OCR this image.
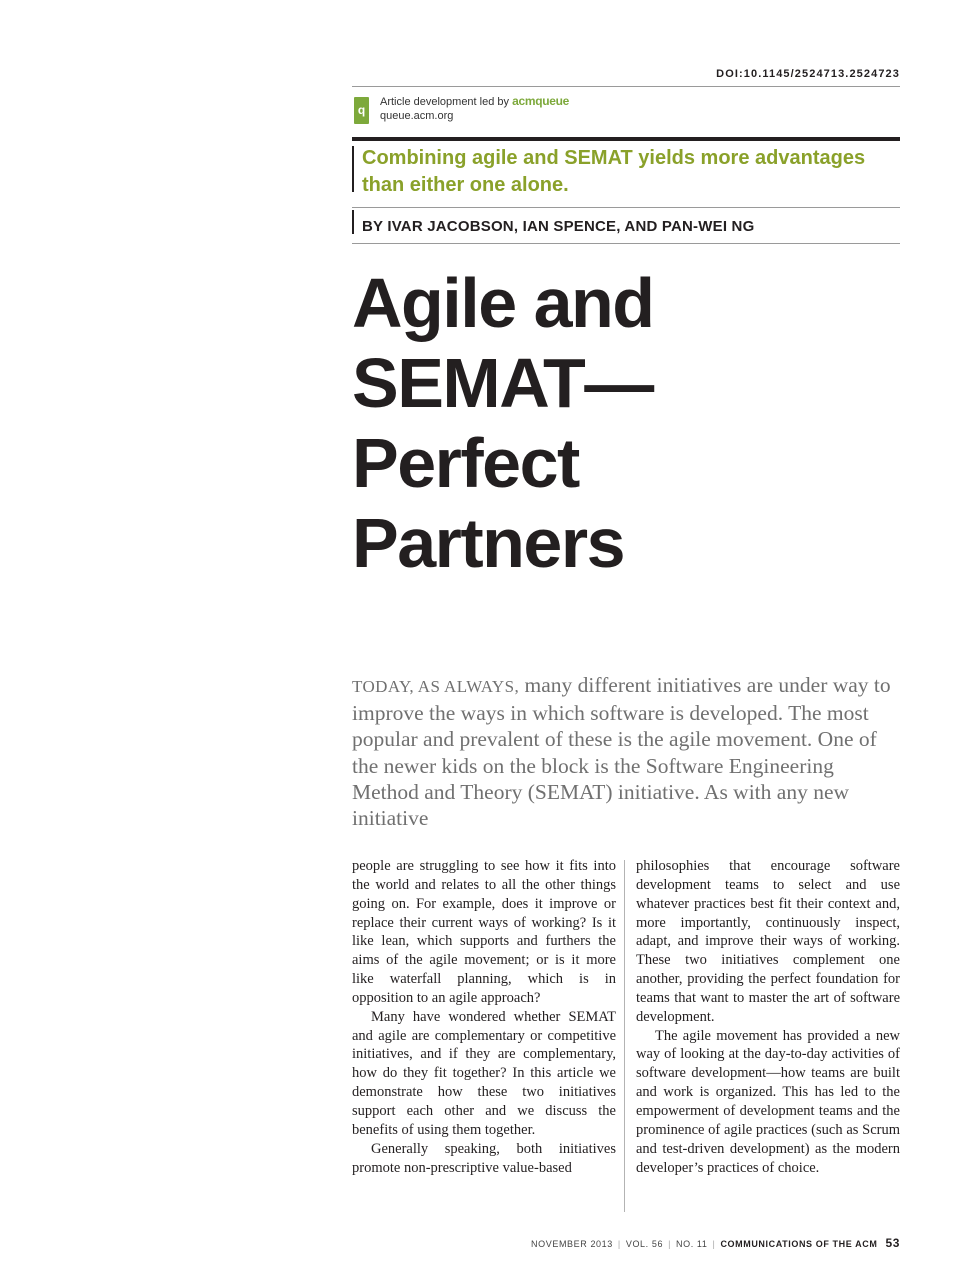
DOI:10.1145/2524713.2524723
q
Article development led by acmqueue
queue.acm.org
Combining agile and SEMAT yields more advantages than either one alone.
BY IVAR JACOBSON, IAN SPENCE, AND PAN-WEI NG
Agile and
SEMAT—
Perfect
Partners
TODAY, AS ALWAYS, many different initiatives are under way to improve the ways in which software is developed. The most popular and prevalent of these is the agile movement. One of the newer kids on the block is the Software Engineering Method and Theory (SEMAT) initiative. As with any new initiative

people are struggling to see how it fits into the world and relates to all the other things going on. For example, does it improve or replace their current ways of working? Is it like lean, which supports and furthers the aims of the agile movement; or is it more like waterfall planning, which is in opposition to an agile approach?

Many have wondered whether SEMAT and agile are complementary or competitive initiatives, and if they are complementary, how do they fit together? In this article we demonstrate how these two initiatives support each other and we discuss the benefits of using them together.

Generally speaking, both initiatives promote non-prescriptive value-based

philosophies that encourage software development teams to select and use whatever practices best fit their context and, more importantly, continuously inspect, adapt, and improve their ways of working. These two initiatives complement one another, providing the perfect foundation for teams that want to master the art of software development.

The agile movement has provided a new way of looking at the day-to-day activities of software development—how teams are built and work is organized. This has led to the empowerment of development teams and the prominence of agile practices (such as Scrum and test-driven development) as the modern developer’s practices of choice.

NOVEMBER 2013 | VOL. 56 | NO. 11 | COMMUNICATIONS OF THE ACM 53
